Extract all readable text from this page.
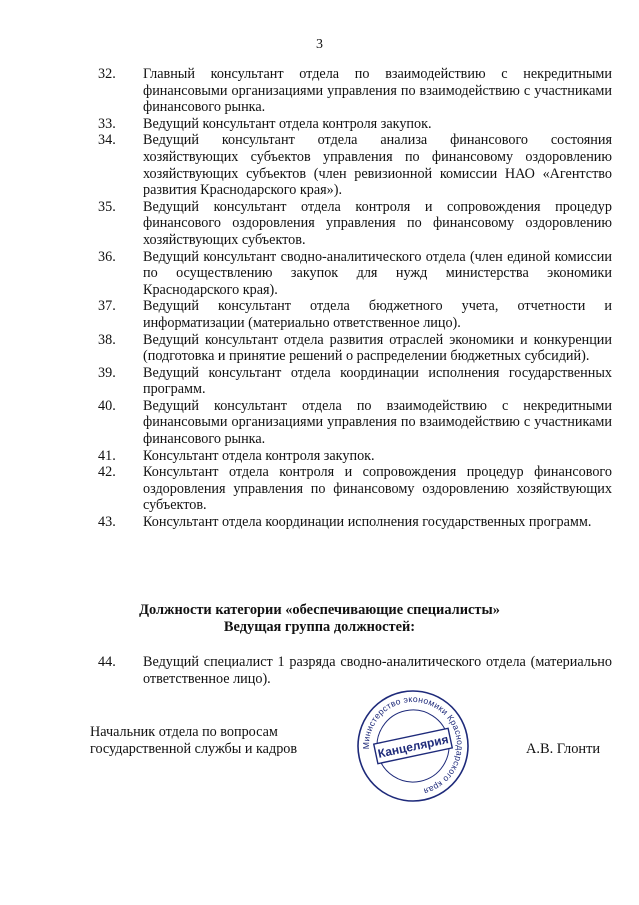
3
32. Главный консультант отдела по взаимодействию с некредитными финансовыми организациями управления по взаимодействию с участниками финансового рынка.
33. Ведущий консультант отдела контроля закупок.
34. Ведущий консультант отдела анализа финансового состояния хозяйствующих субъектов управления по финансовому оздоровлению хозяйствующих субъектов (член ревизионной комиссии НАО «Агентство развития Краснодарского края»).
35. Ведущий консультант отдела контроля и сопровождения процедур финансового оздоровления управления по финансовому оздоровлению хозяйствующих субъектов.
36. Ведущий консультант сводно-аналитического отдела (член единой комиссии по осуществлению закупок для нужд министерства экономики Краснодарского края).
37. Ведущий консультант отдела бюджетного учета, отчетности и информатизации (материально ответственное лицо).
38. Ведущий консультант отдела развития отраслей экономики и конкуренции (подготовка и принятие решений о распределении бюджетных субсидий).
39. Ведущий консультант отдела координации исполнения государственных программ.
40. Ведущий консультант отдела по взаимодействию с некредитными финансовыми организациями управления по взаимодействию с участниками финансового рынка.
41. Консультант отдела контроля закупок.
42. Консультант отдела контроля и сопровождения процедур финансового оздоровления управления по финансовому оздоровлению хозяйствующих субъектов.
43. Консультант отдела координации исполнения государственных программ.
Должности категории «обеспечивающие специалисты»
Ведущая группа должностей:
44. Ведущий специалист 1 разряда сводно-аналитического отдела (материально ответственное лицо).
Начальник отдела по вопросам
государственной службы и кадров	Министерство экономики Краснодарского края
Канцелярия	А.В. Глонти
